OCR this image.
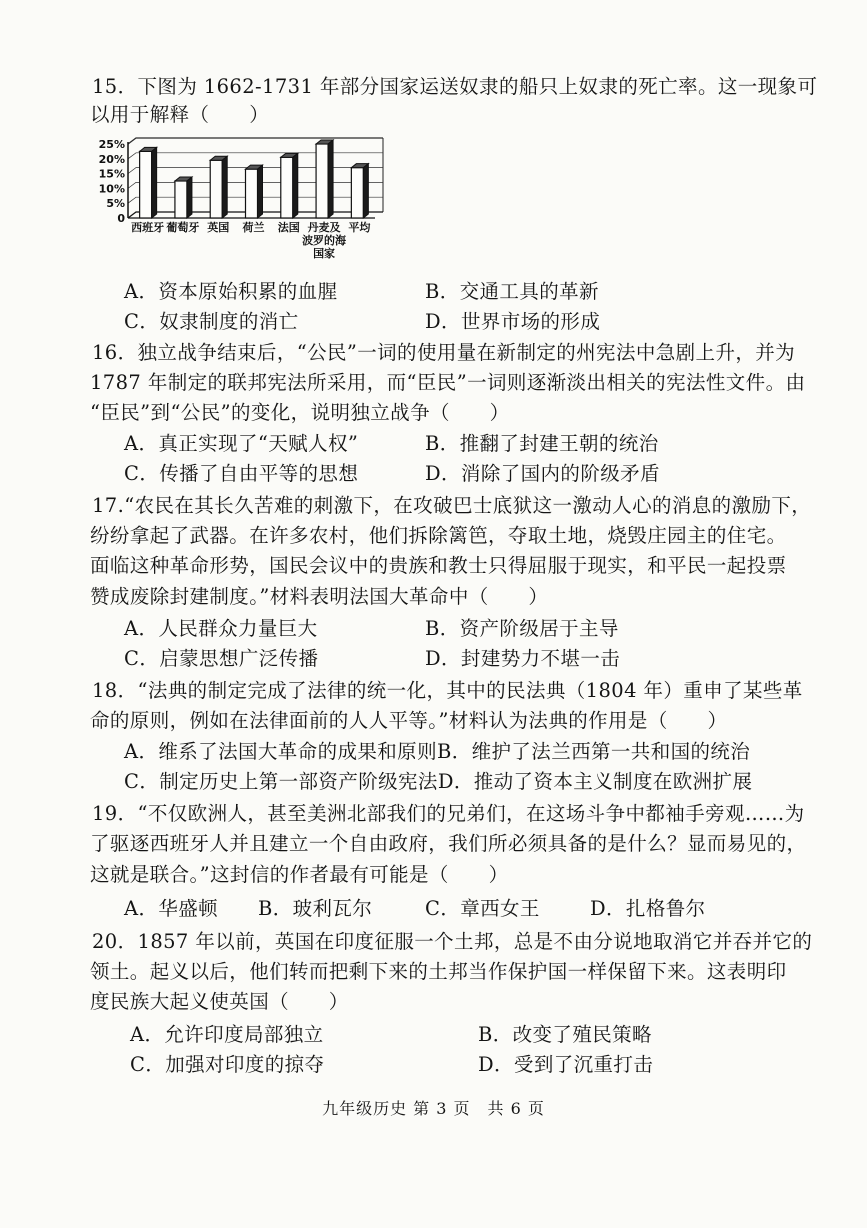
15．下图为 1662-1731 年部分国家运送奴隶的船只上奴隶的死亡率。这一现象可
以用于解释（　　）
0
5%
10%
15%
20%
25%
西班牙 葡萄牙 英国 荷兰 法国 丹麦及
波罗的海
国家
平均
A．资本原始积累的血腥	B．交通工具的革新
C．奴隶制度的消亡	D．世界市场的形成
16．独立战争结束后，“公民”一词的使用量在新制定的州宪法中急剧上升，并为
1787 年制定的联邦宪法所采用，而“臣民”一词则逐渐淡出相关的宪法性文件。由
“臣民”到“公民”的变化，说明独立战争（　　）
A．真正实现了“天赋人权”	B．推翻了封建王朝的统治
C．传播了自由平等的思想	D．消除了国内的阶级矛盾
17.“农民在其长久苦难的刺激下，在攻破巴士底狱这一激动人心的消息的激励下，
纷纷拿起了武器。在许多农村，他们拆除篱笆，夺取土地，烧毁庄园主的住宅。
面临这种革命形势，国民会议中的贵族和教士只得屈服于现实，和平民一起投票
赞成废除封建制度。”材料表明法国大革命中（　　）
A．人民群众力量巨大	B．资产阶级居于主导
C．启蒙思想广泛传播	D．封建势力不堪一击
18．“法典的制定完成了法律的统一化，其中的民法典（1804 年）重申了某些革
命的原则，例如在法律面前的人人平等。”材料认为法典的作用是（　　）
A．维系了法国大革命的成果和原则B．维护了法兰西第一共和国的统治
C．制定历史上第一部资产阶级宪法D．推动了资本主义制度在欧洲扩展
19．“不仅欧洲人，甚至美洲北部我们的兄弟们，在这场斗争中都袖手旁观……为
了驱逐西班牙人并且建立一个自由政府，我们所必须具备的是什么？显而易见的，
这就是联合。”这封信的作者最有可能是（　　）
A．华盛顿 B．玻利瓦尔	C．章西女王	D．扎格鲁尔
20．1857 年以前，英国在印度征服一个土邦，总是不由分说地取消它并吞并它的
领土。起义以后，他们转而把剩下来的土邦当作保护国一样保留下来。这表明印
度民族大起义使英国（　　）
A．允许印度局部独立	B．改变了殖民策略
C．加强对印度的掠夺	D．受到了沉重打击
九年级历史 第 3 页　共 6 页
